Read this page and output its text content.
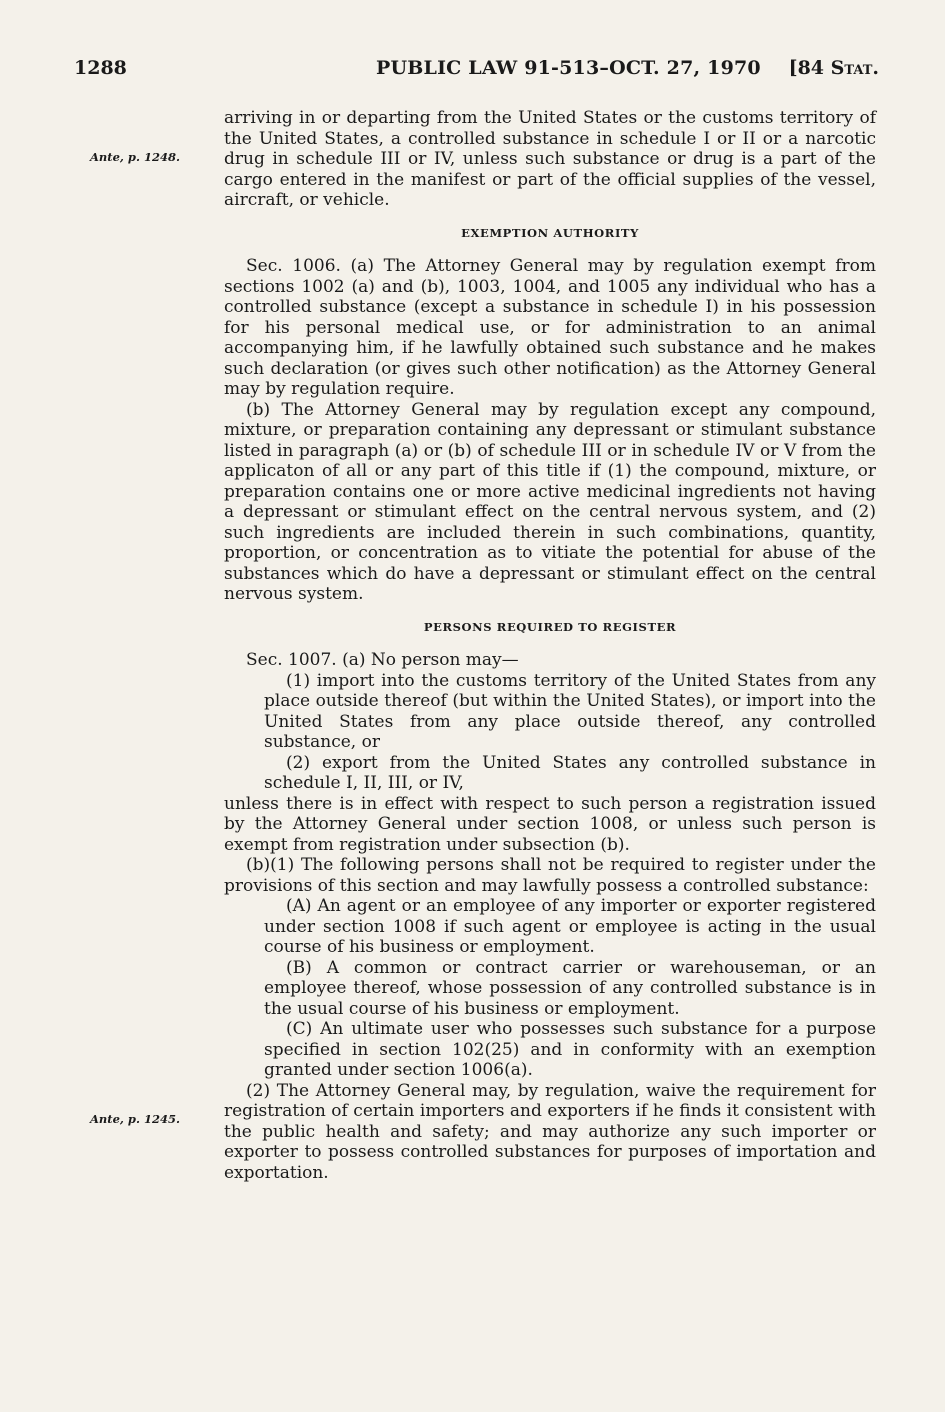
1288	PUBLIC LAW 91-513–OCT. 27, 1970 [84 Stat.
Ante, p. 1248.
Ante, p. 1245.

arriving in or departing from the United States or the customs territory of the United States, a controlled substance in schedule I or II or a narcotic drug in schedule III or IV, unless such substance or drug is a part of the cargo entered in the manifest or part of the official supplies of the vessel, aircraft, or vehicle.

EXEMPTION AUTHORITY

Sec. 1006. (a) The Attorney General may by regulation exempt from sections 1002 (a) and (b), 1003, 1004, and 1005 any individual who has a controlled substance (except a substance in schedule I) in his possession for his personal medical use, or for administration to an animal accompanying him, if he lawfully obtained such substance and he makes such declaration (or gives such other notification) as the Attorney General may by regulation require.

(b) The Attorney General may by regulation except any compound, mixture, or preparation containing any depressant or stimulant substance listed in paragraph (a) or (b) of schedule III or in schedule IV or V from the applicaton of all or any part of this title if (1) the compound, mixture, or preparation contains one or more active medicinal ingredients not having a depressant or stimulant effect on the central nervous system, and (2) such ingredients are included therein in such combinations, quantity, proportion, or concentration as to vitiate the potential for abuse of the substances which do have a depressant or stimulant effect on the central nervous system.

PERSONS REQUIRED TO REGISTER

Sec. 1007. (a) No person may—

(1) import into the customs territory of the United States from any place outside thereof (but within the United States), or import into the United States from any place outside thereof, any controlled substance, or

(2) export from the United States any controlled substance in schedule I, II, III, or IV,

unless there is in effect with respect to such person a registration issued by the Attorney General under section 1008, or unless such person is exempt from registration under subsection (b).

(b)(1) The following persons shall not be required to register under the provisions of this section and may lawfully possess a controlled substance:

(A) An agent or an employee of any importer or exporter registered under section 1008 if such agent or employee is acting in the usual course of his business or employment.

(B) A common or contract carrier or warehouseman, or an employee thereof, whose possession of any controlled substance is in the usual course of his business or employment.

(C) An ultimate user who possesses such substance for a purpose specified in section 102(25) and in conformity with an exemption granted under section 1006(a).

(2) The Attorney General may, by regulation, waive the requirement for registration of certain importers and exporters if he finds it consistent with the public health and safety; and may authorize any such importer or exporter to possess controlled substances for purposes of importation and exportation.
